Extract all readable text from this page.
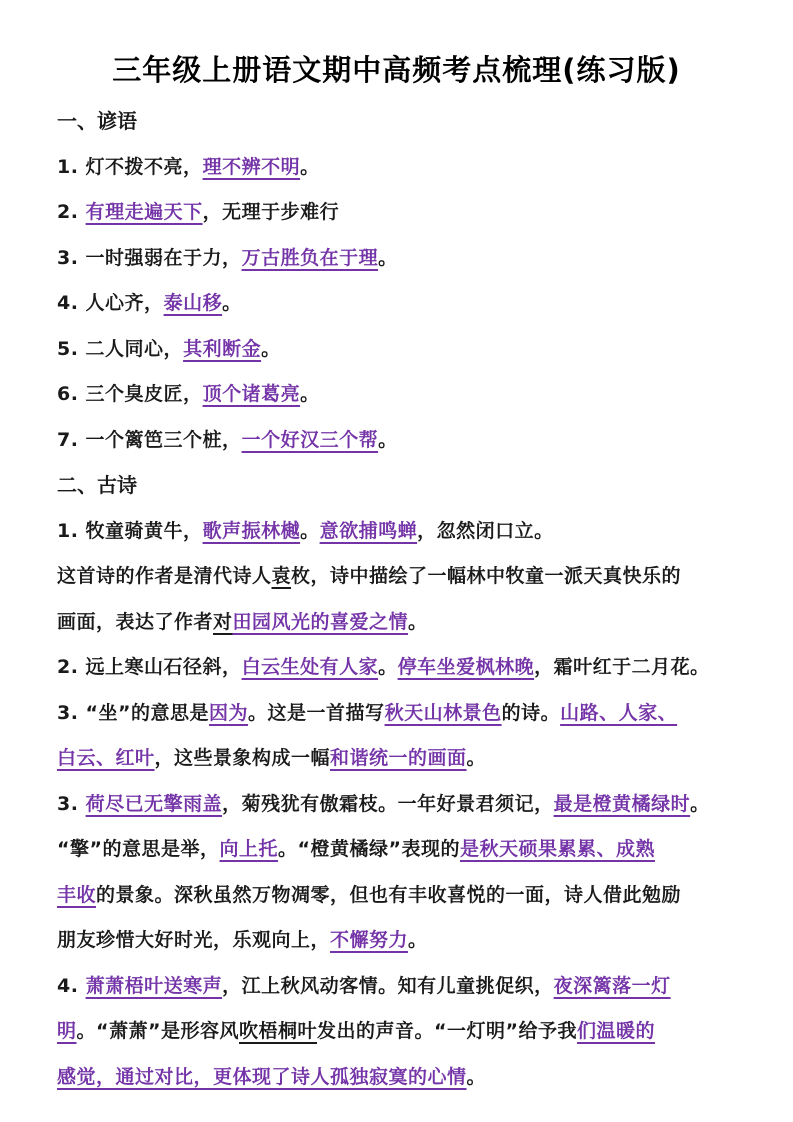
三年级上册语文期中高频考点梳理(练习版)
一、谚语
1. 灯不拨不亮，理不辨不明。
2. 有理走遍天下，无理于步难行
3. 一时强弱在于力，万古胜负在于理。
4. 人心齐，泰山移。
5. 二人同心，其利断金。
6. 三个臭皮匠，顶个诸葛亮。
7. 一个篱笆三个桩，一个好汉三个帮。
二、古诗
1. 牧童骑黄牛，歌声振林樾。意欲捕鸣蝉，忽然闭口立。
这首诗的作者是清代诗人袁枚，诗中描绘了一幅林中牧童一派天真快乐的
画面，表达了作者对田园风光的喜爱之情。
2. 远上寒山石径斜，白云生处有人家。停车坐爱枫林晚，霜叶红于二月花。
3. “坐”的意思是因为。这是一首描写秋天山林景色的诗。山路、人家、
白云、红叶，这些景象构成一幅和谐统一的画面。
3. 荷尽已无擎雨盖，菊残犹有傲霜枝。一年好景君须记，最是橙黄橘绿时。
“擎”的意思是举，向上托。“橙黄橘绿”表现的是秋天硕果累累、成熟
丰收的景象。深秋虽然万物凋零，但也有丰收喜悦的一面，诗人借此勉励
朋友珍惜大好时光，乐观向上，不懈努力。
4. 萧萧梧叶送寒声，江上秋风动客情。知有儿童挑促织，夜深篱落一灯
明。“萧萧”是形容风吹梧桐叶发出的声音。“一灯明”给予我们温暖的
感觉，通过对比，更体现了诗人孤独寂寞的心情。
